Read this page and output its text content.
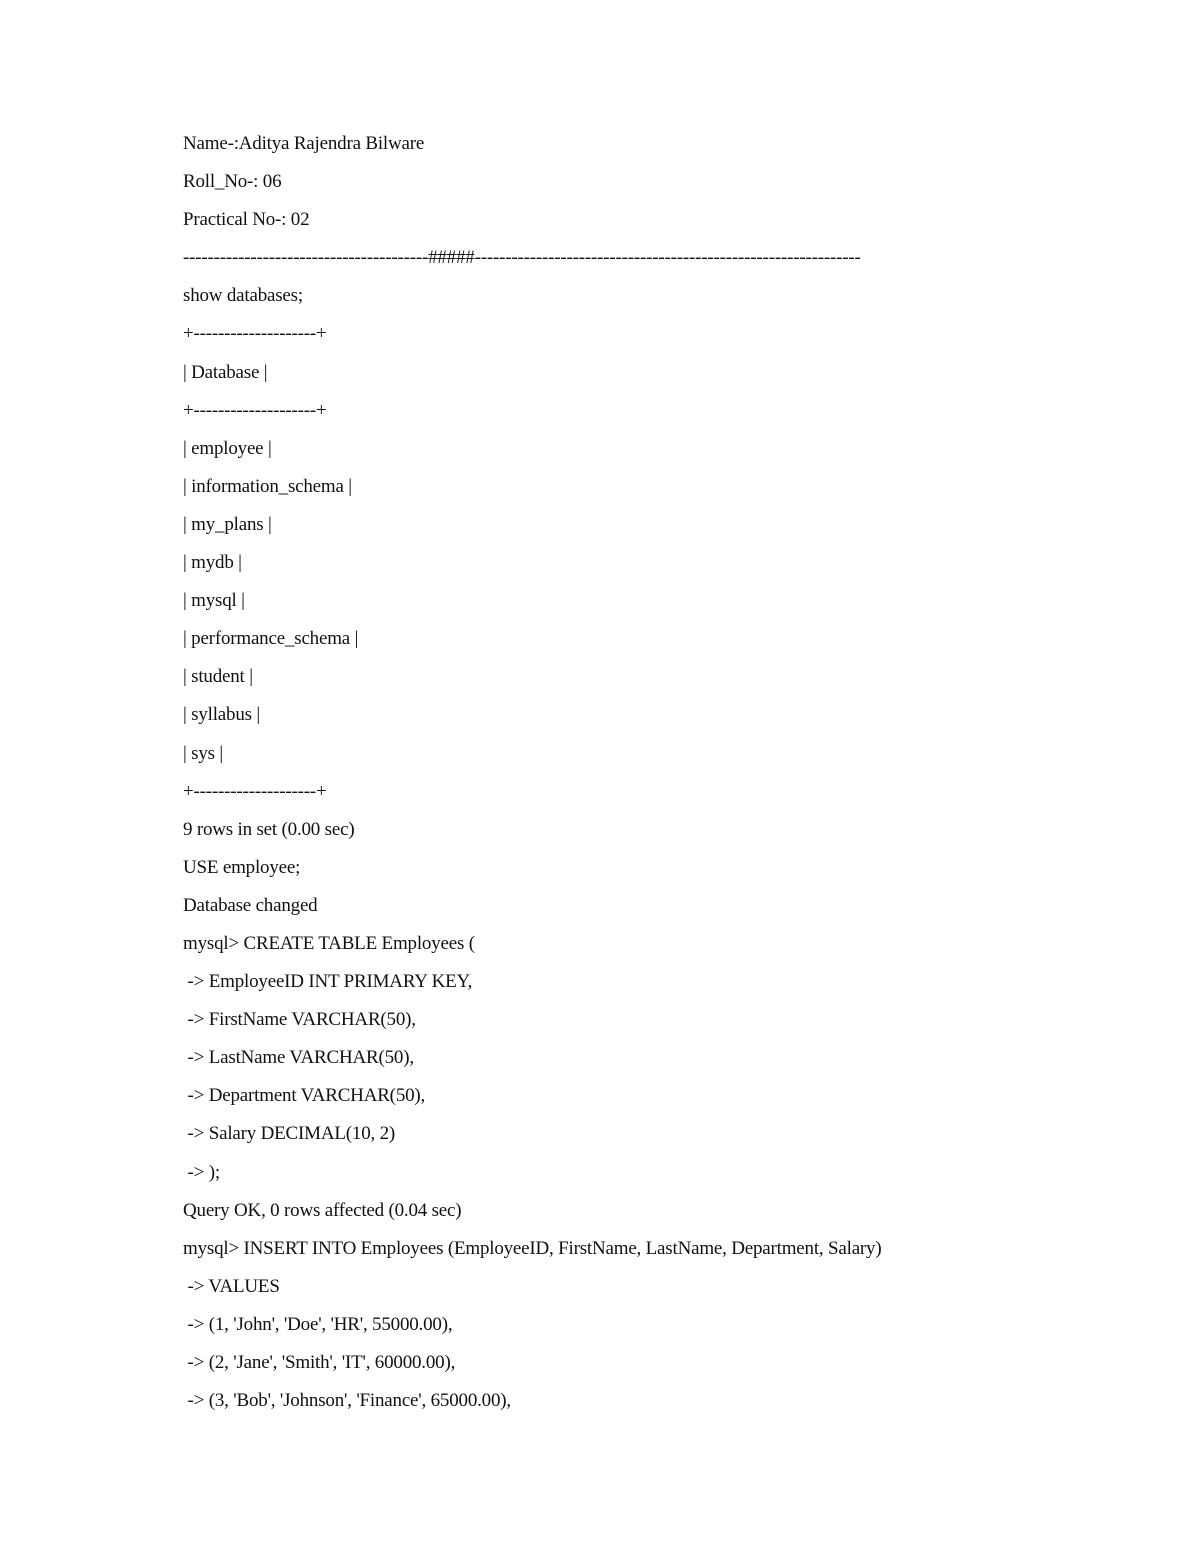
Name-:Aditya Rajendra Bilware
Roll_No-: 06
Practical No-: 02
----------------------------------------#####---------------------------------------------------------------
show databases;
+--------------------+
| Database |
+--------------------+
| employee |
| information_schema |
| my_plans |
| mydb |
| mysql |
| performance_schema |
| student |
| syllabus |
| sys |
+--------------------+
9 rows in set (0.00 sec)
USE employee;
Database changed
mysql> CREATE TABLE Employees (
-> EmployeeID INT PRIMARY KEY,
-> FirstName VARCHAR(50),
-> LastName VARCHAR(50),
-> Department VARCHAR(50),
-> Salary DECIMAL(10, 2)
-> );
Query OK, 0 rows affected (0.04 sec)
mysql> INSERT INTO Employees (EmployeeID, FirstName, LastName, Department, Salary)
-> VALUES
-> (1, 'John', 'Doe', 'HR', 55000.00),
-> (2, 'Jane', 'Smith', 'IT', 60000.00),
-> (3, 'Bob', 'Johnson', 'Finance', 65000.00),
